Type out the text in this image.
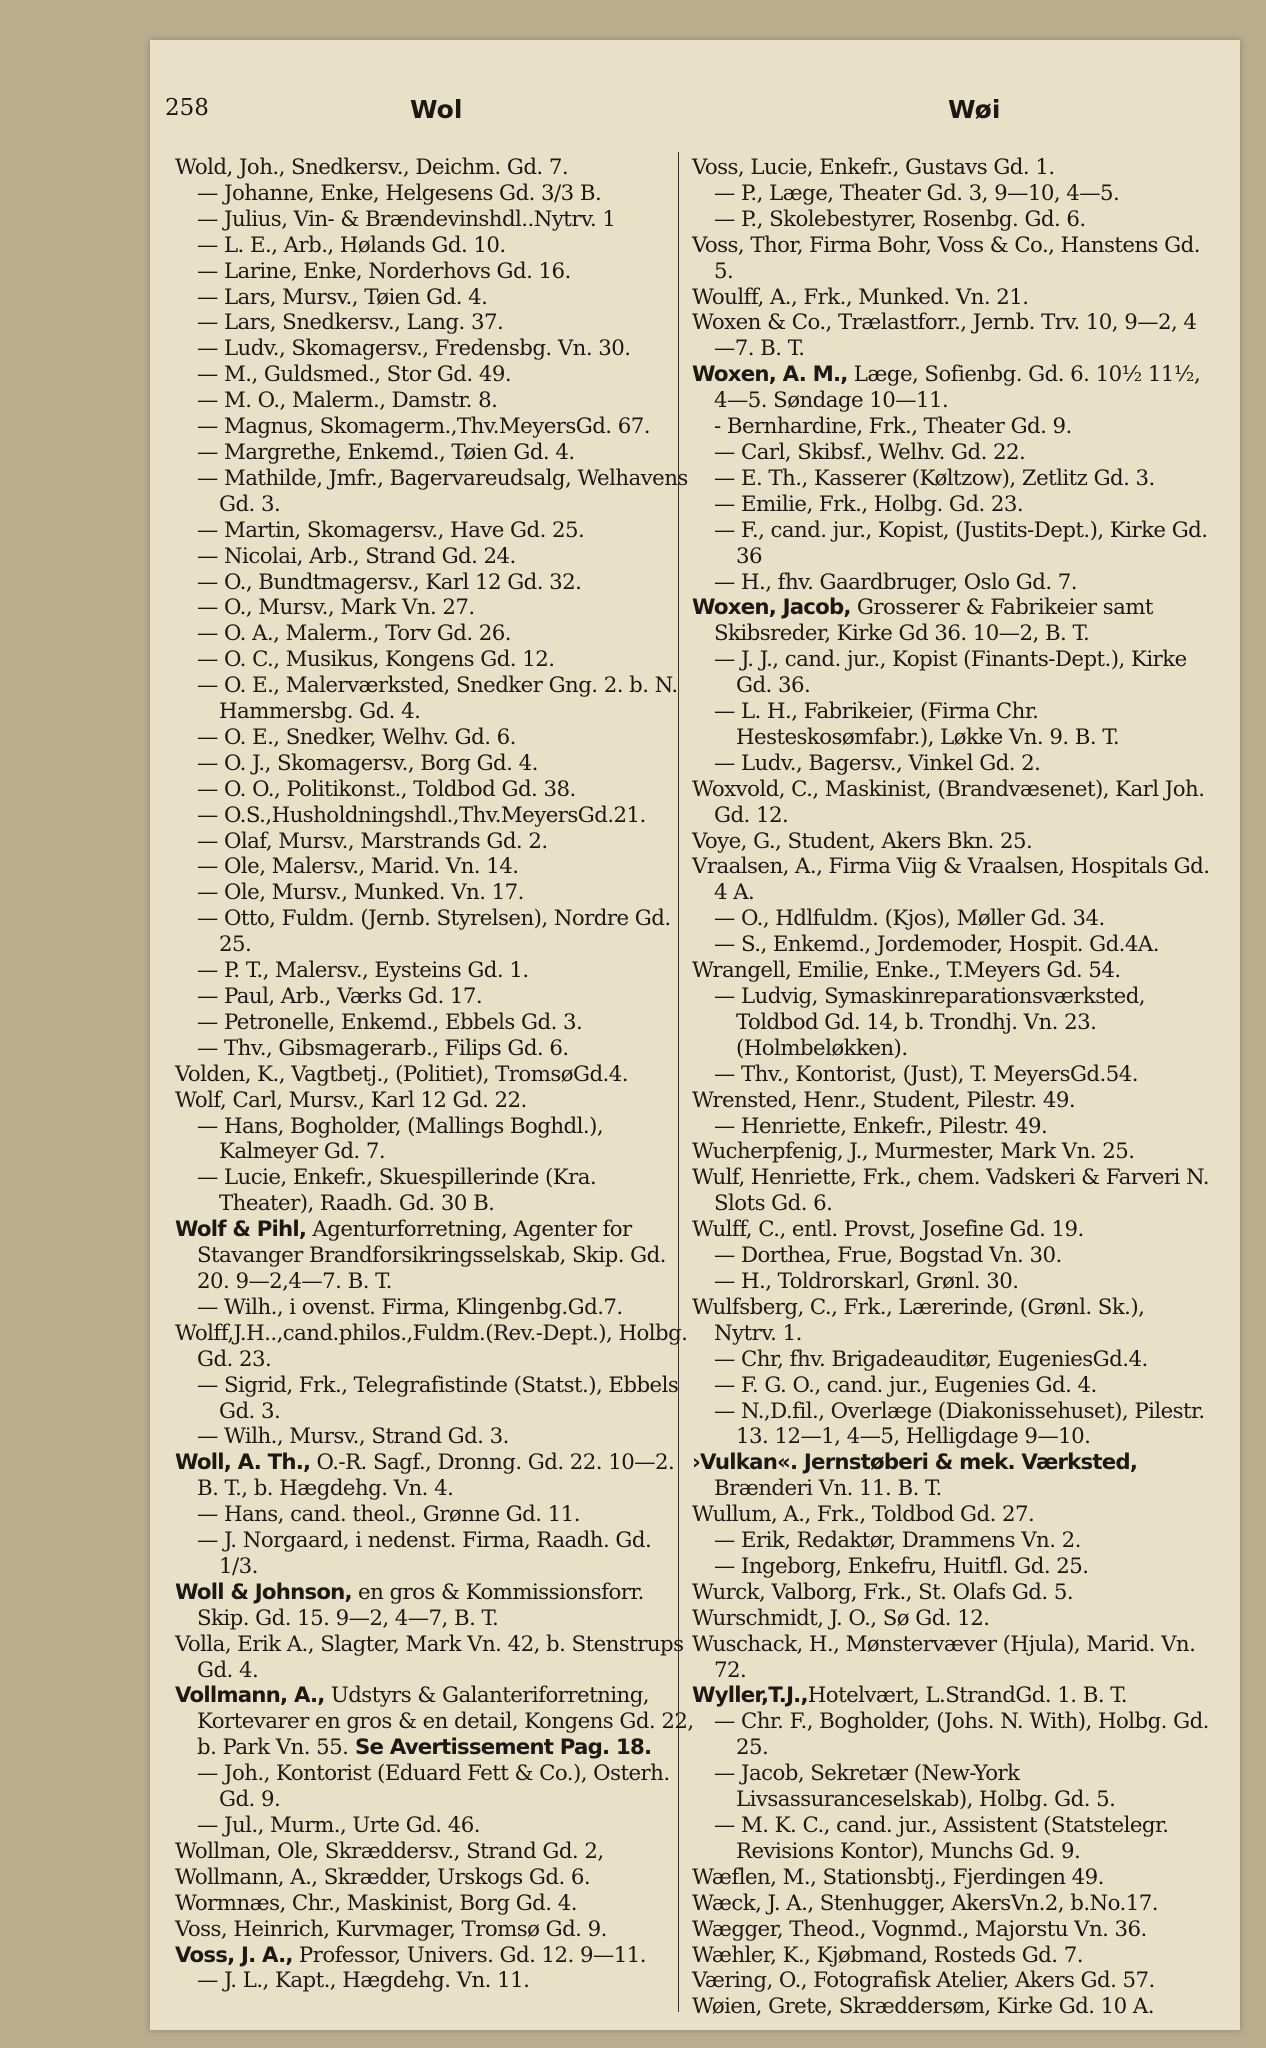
258	Wol	Wøi
Wold, Joh., Snedkersv., Deichm. Gd. 7.
— Johanne, Enke, Helgesens Gd. 3/3 B.
— Julius, Vin- & Brændevinshdl..Nytrv. 1
— L. E., Arb., Hølands Gd. 10.
— Larine, Enke, Norderhovs Gd. 16.
— Lars, Mursv., Tøien Gd. 4.
— Lars, Snedkersv., Lang. 37.
— Ludv., Skomagersv., Fredensbg. Vn. 30.
— M., Guldsmed., Stor Gd. 49.
— M. O., Malerm., Damstr. 8.
— Magnus, Skomagerm.,Thv.MeyersGd. 67.
— Margrethe, Enkemd., Tøien Gd. 4.
— Mathilde, Jmfr., Bagervareudsalg, Welhavens Gd. 3.
— Martin, Skomagersv., Have Gd. 25.
— Nicolai, Arb., Strand Gd. 24.
— O., Bundtmagersv., Karl 12 Gd. 32.
— O., Mursv., Mark Vn. 27.
— O. A., Malerm., Torv Gd. 26.
— O. C., Musikus, Kongens Gd. 12.
— O. E., Malerværksted, Snedker Gng. 2. b. N. Hammersbg. Gd. 4.
— O. E., Snedker, Welhv. Gd. 6.
— O. J., Skomagersv., Borg Gd. 4.
— O. O., Politikonst., Toldbod Gd. 38.
— O.S.,Husholdningshdl.,Thv.MeyersGd.21.
— Olaf, Mursv., Marstrands Gd. 2.
— Ole, Malersv., Marid. Vn. 14.
— Ole, Mursv., Munked. Vn. 17.
— Otto, Fuldm. (Jernb. Styrelsen), Nordre Gd. 25.
— P. T., Malersv., Eysteins Gd. 1.
— Paul, Arb., Værks Gd. 17.
— Petronelle, Enkemd., Ebbels Gd. 3.
— Thv., Gibsmagerarb., Filips Gd. 6.
Volden, K., Vagtbetj., (Politiet), TromsøGd.4.
Wolf, Carl, Mursv., Karl 12 Gd. 22.
— Hans, Bogholder, (Mallings Boghdl.), Kalmeyer Gd. 7.
— Lucie, Enkefr., Skuespillerinde (Kra. Theater), Raadh. Gd. 30 B.
Wolf & Pihl, Agenturforretning, Agenter for Stavanger Brandforsikringsselskab, Skip. Gd. 20. 9—2,4—7. B. T.
— Wilh., i ovenst. Firma, Klingenbg.Gd.7.
Wolff,J.H..,cand.philos.,Fuldm.(Rev.-Dept.), Holbg. Gd. 23.
— Sigrid, Frk., Telegrafistinde (Statst.), Ebbels Gd. 3.
— Wilh., Mursv., Strand Gd. 3.
Woll, A. Th., O.-R. Sagf., Dronng. Gd. 22. 10—2. B. T., b. Hægdehg. Vn. 4.
— Hans, cand. theol., Grønne Gd. 11.
— J. Norgaard, i nedenst. Firma, Raadh. Gd. 1/3.
Woll & Johnson, en gros & Kommissionsforr. Skip. Gd. 15. 9—2, 4—7, B. T.
Volla, Erik A., Slagter, Mark Vn. 42, b. Stenstrups Gd. 4.
Vollmann, A., Udstyrs & Galanteriforretning, Kortevarer en gros & en detail, Kongens Gd. 22, b. Park Vn. 55. Se Avertissement Pag. 18.
— Joh., Kontorist (Eduard Fett & Co.), Osterh. Gd. 9.
— Jul., Murm., Urte Gd. 46.
Wollman, Ole, Skræddersv., Strand Gd. 2,
Wollmann, A., Skrædder, Urskogs Gd. 6.
Wormnæs, Chr., Maskinist, Borg Gd. 4.
Voss, Heinrich, Kurvmager, Tromsø Gd. 9.
Voss, J. A., Professor, Univers. Gd. 12. 9—11.
— J. L., Kapt., Hægdehg. Vn. 11.
Voss, Lucie, Enkefr., Gustavs Gd. 1.
— P., Læge, Theater Gd. 3, 9—10, 4—5.
— P., Skolebestyrer, Rosenbg. Gd. 6.
Voss, Thor, Firma Bohr, Voss & Co., Hanstens Gd. 5.
Woulff, A., Frk., Munked. Vn. 21.
Woxen & Co., Trælastforr., Jernb. Trv. 10, 9—2, 4—7. B. T.
Woxen, A. M., Læge, Sofienbg. Gd. 6. 10½ 11½, 4—5. Søndage 10—11.
- Bernhardine, Frk., Theater Gd. 9.
— Carl, Skibsf., Welhv. Gd. 22.
— E. Th., Kasserer (Køltzow), Zetlitz Gd. 3.
— Emilie, Frk., Holbg. Gd. 23.
— F., cand. jur., Kopist, (Justits-Dept.), Kirke Gd. 36
— H., fhv. Gaardbruger, Oslo Gd. 7.
Woxen, Jacob, Grosserer & Fabrikeier samt Skibsreder, Kirke Gd 36. 10—2, B. T.
— J. J., cand. jur., Kopist (Finants-Dept.), Kirke Gd. 36.
— L. H., Fabrikeier, (Firma Chr. Hesteskosømfabr.), Løkke Vn. 9. B. T.
— Ludv., Bagersv., Vinkel Gd. 2.
Woxvold, C., Maskinist, (Brandvæsenet), Karl Joh. Gd. 12.
Voye, G., Student, Akers Bkn. 25.
Vraalsen, A., Firma Viig & Vraalsen, Hospitals Gd. 4 A.
— O., Hdlfuldm. (Kjos), Møller Gd. 34.
— S., Enkemd., Jordemoder, Hospit. Gd.4A.
Wrangell, Emilie, Enke., T.Meyers Gd. 54.
— Ludvig, Symaskinreparationsværksted, Toldbod Gd. 14, b. Trondhj. Vn. 23. (Holmbeløkken).
— Thv., Kontorist, (Just), T. MeyersGd.54.
Wrensted, Henr., Student, Pilestr. 49.
— Henriette, Enkefr., Pilestr. 49.
Wucherpfenig, J., Murmester, Mark Vn. 25.
Wulf, Henriette, Frk., chem. Vadskeri & Farveri N. Slots Gd. 6.
Wulff, C., entl. Provst, Josefine Gd. 19.
— Dorthea, Frue, Bogstad Vn. 30.
— H., Toldrorskarl, Grønl. 30.
Wulfsberg, C., Frk., Lærerinde, (Grønl. Sk.), Nytrv. 1.
— Chr, fhv. Brigadeauditør, EugeniesGd.4.
— F. G. O., cand. jur., Eugenies Gd. 4.
— N.,D.fil., Overlæge (Diakonissehuset), Pilestr. 13. 12—1, 4—5, Helligdage 9—10.
›Vulkan«. Jernstøberi & mek. Værksted, Brænderi Vn. 11. B. T.
Wullum, A., Frk., Toldbod Gd. 27.
— Erik, Redaktør, Drammens Vn. 2.
— Ingeborg, Enkefru, Huitfl. Gd. 25.
Wurck, Valborg, Frk., St. Olafs Gd. 5.
Wurschmidt, J. O., Sø Gd. 12.
Wuschack, H., Mønstervæver (Hjula), Marid. Vn. 72.
Wyller,T.J.,Hotelvært, L.StrandGd. 1. B. T.
— Chr. F., Bogholder, (Johs. N. With), Holbg. Gd. 25.
— Jacob, Sekretær (New-York Livsassuranceselskab), Holbg. Gd. 5.
— M. K. C., cand. jur., Assistent (Statstelegr. Revisions Kontor), Munchs Gd. 9.
Wæflen, M., Stationsbtj., Fjerdingen 49.
Wæck, J. A., Stenhugger, AkersVn.2, b.No.17.
Wægger, Theod., Vognmd., Majorstu Vn. 36.
Wæhler, K., Kjøbmand, Rosteds Gd. 7.
Væring, O., Fotografisk Atelier, Akers Gd. 57.
Wøien, Grete, Skræddersøm, Kirke Gd. 10 A.
